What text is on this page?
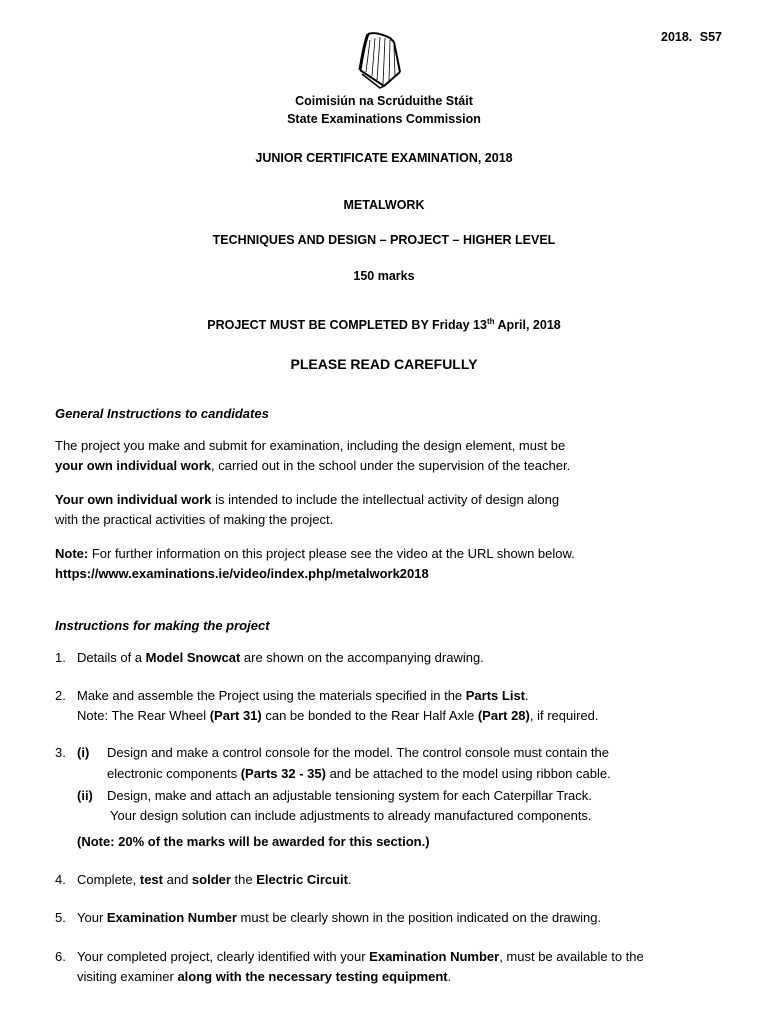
2018. S57
Coimisiún na Scrúduithe Stáit
State Examinations Commission
JUNIOR CERTIFICATE EXAMINATION, 2018
METALWORK
TECHNIQUES AND DESIGN – PROJECT – HIGHER LEVEL
150 marks
PROJECT MUST BE COMPLETED BY Friday 13th April, 2018
PLEASE READ CAREFULLY
General Instructions to candidates
The project you make and submit for examination, including the design element, must be
your own individual work, carried out in the school under the supervision of the teacher.
Your own individual work is intended to include the intellectual activity of design along
with the practical activities of making the project.
Note: For further information on this project please see the video at the URL shown below.
https://www.examinations.ie/video/index.php/metalwork2018
Instructions for making the project
1. Details of a Model Snowcat are shown on the accompanying drawing.
2. Make and assemble the Project using the materials specified in the Parts List.
Note: The Rear Wheel (Part 31) can be bonded to the Rear Half Axle (Part 28), if required.
3. (i)	Design and make a control console for the model. The control console must contain the
electronic components (Parts 32 - 35) and be attached to the model using ribbon cable.
(ii)	Design, make and attach an adjustable tensioning system for each Caterpillar Track.
Your design solution can include adjustments to already manufactured components.
(Note: 20% of the marks will be awarded for this section.)
4. Complete, test and solder the Electric Circuit.
5. Your Examination Number must be clearly shown in the position indicated on the drawing.
6. Your completed project, clearly identified with your Examination Number, must be available to the
visiting examiner along with the necessary testing equipment.
